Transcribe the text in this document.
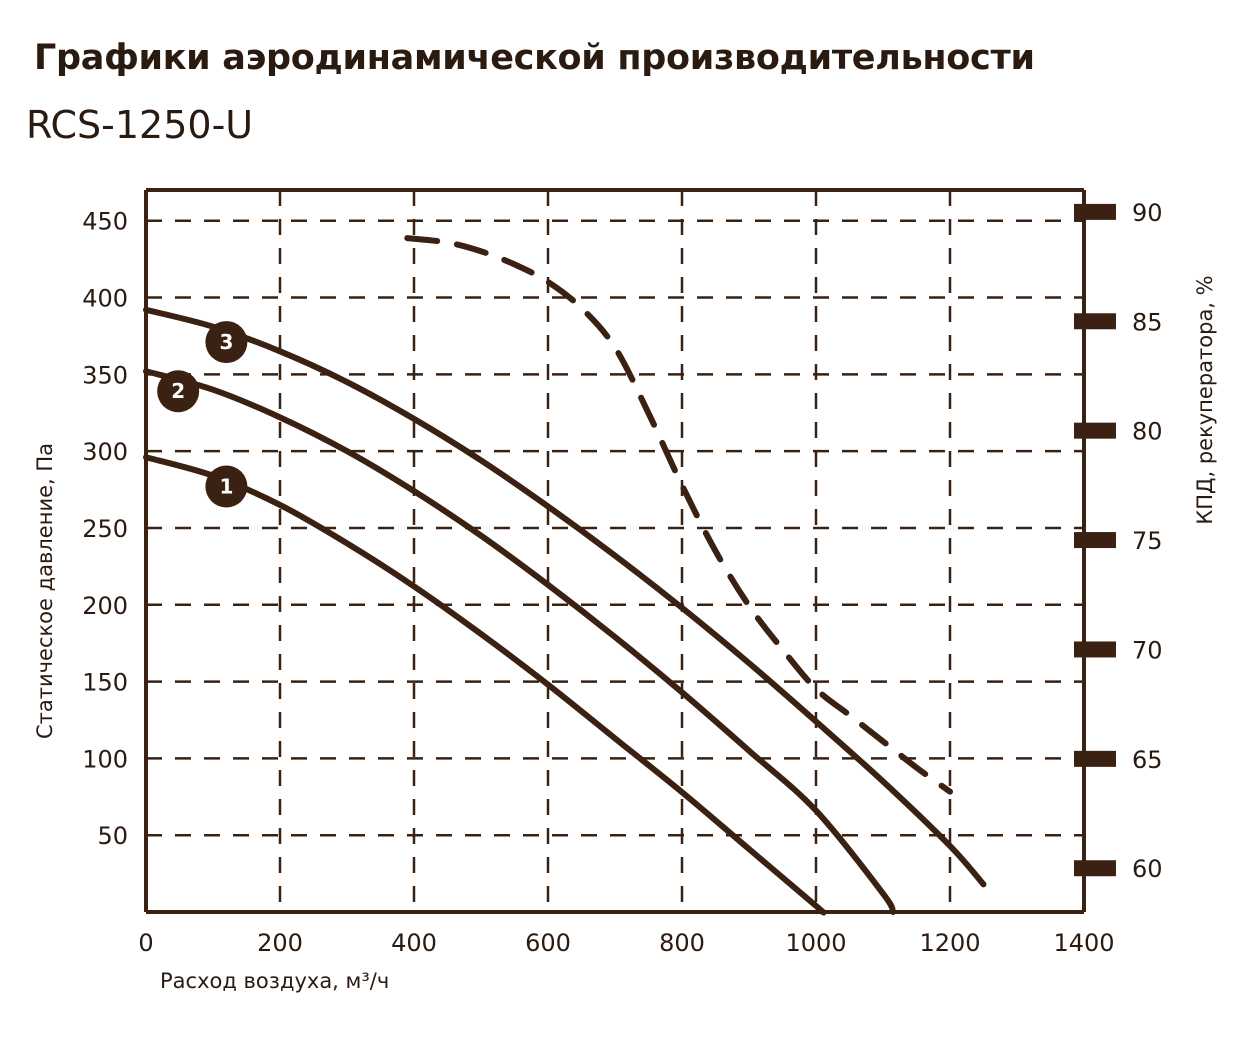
Графики аэродинамической производительности
RCS-1250-U
1
2
3
0	200	400	600	800	1000	1200	1400
50
100
150
200
250
300
350
400
450
60
65
70
75
80
85
90
Статическое давление, Па
КПД, рекуператора, %
Расход воздуха, м³/ч
